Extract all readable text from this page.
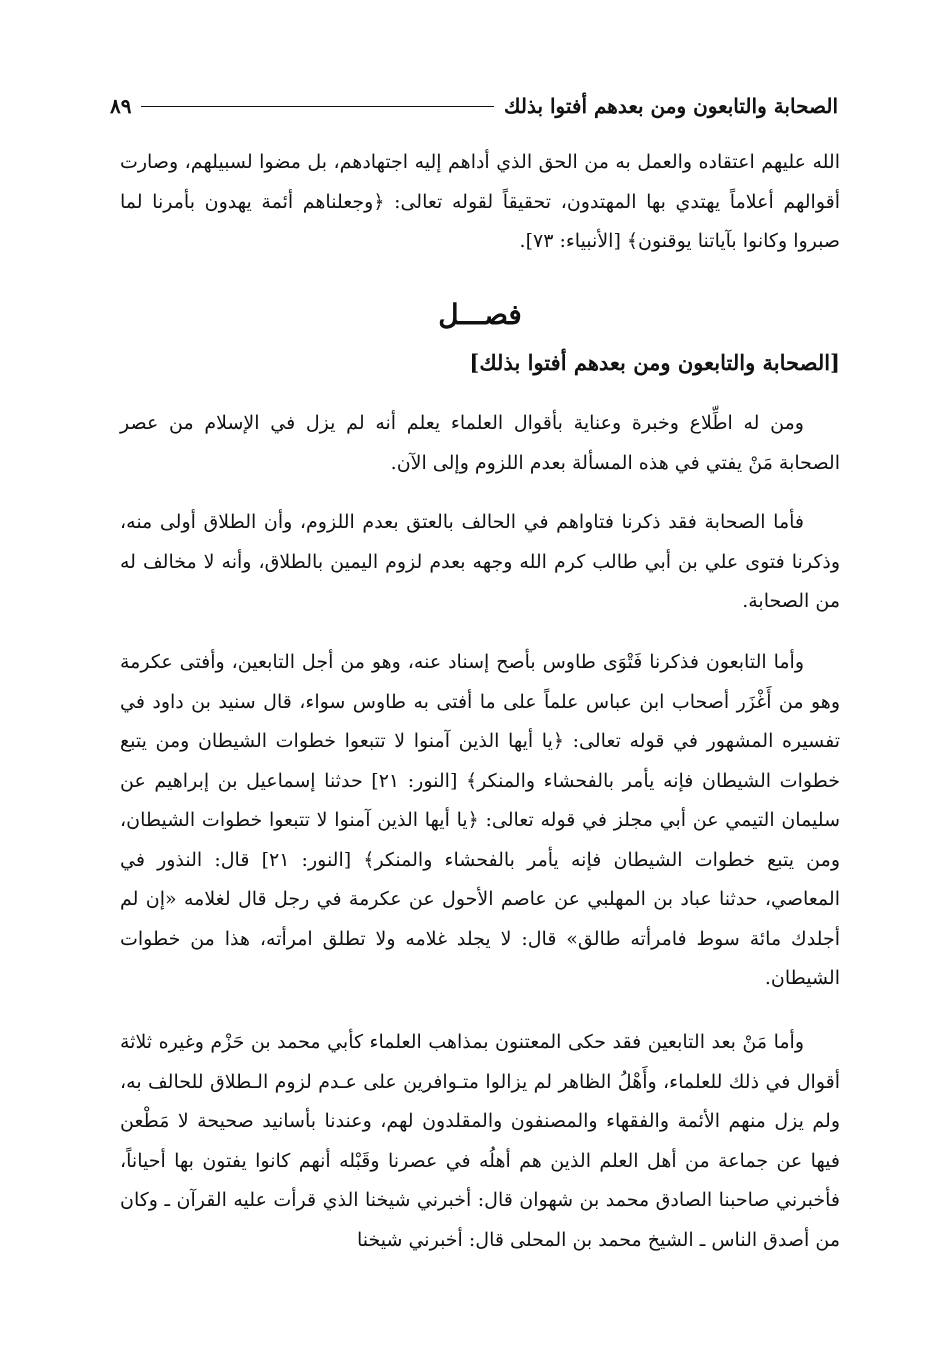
الصحابة والتابعون ومن بعدهم أفتوا بذلك
٨٩

الله عليهم اعتقاده والعمل به من الحق الذي أداهم إليه اجتهادهم، بل مضوا لسبيلهم، وصارت أقوالهم أعلاماً يهتدي بها المهتدون، تحقيقاً لقوله تعالى: ﴿وجعلناهم أئمة يهدون بأمرنا لما صبروا وكانوا بآياتنا يوقنون﴾ [الأنبياء: ٧٣].

فصـــل
[الصحابة والتابعون ومن بعدهم أفتوا بذلك]

ومن له اطِّلاع وخبرة وعناية بأقوال العلماء يعلم أنه لم يزل في الإسلام من عصر الصحابة مَنْ يفتي في هذه المسألة بعدم اللزوم وإلى الآن.

فأما الصحابة فقد ذكرنا فتاواهم في الحالف بالعتق بعدم اللزوم، وأن الطلاق أولى منه، وذكرنا فتوى علي بن أبي طالب كرم الله وجهه بعدم لزوم اليمين بالطلاق، وأنه لا مخالف له من الصحابة.

وأما التابعون فذكرنا فَتْوَى طاوس بأصح إسناد عنه، وهو من أجل التابعين، وأفتى عكرمة وهو من أَغْزَر أصحاب ابن عباس علماً على ما أفتى به طاوس سواء، قال سنيد بن داود في تفسيره المشهور في قوله تعالى: ﴿يا أيها الذين آمنوا لا تتبعوا خطوات الشيطان ومن يتبع خطوات الشيطان فإنه يأمر بالفحشاء والمنكر﴾ [النور: ٢١] حدثنا إسماعيل بن إبراهيم عن سليمان التيمي عن أبي مجلز في قوله تعالى: ﴿يا أيها الذين آمنوا لا تتبعوا خطوات الشيطان، ومن يتبع خطوات الشيطان فإنه يأمر بالفحشاء والمنكر﴾ [النور: ٢١] قال: النذور في المعاصي، حدثنا عباد بن المهلبي عن عاصم الأحول عن عكرمة في رجل قال لغلامه «إن لم أجلدك مائة سوط فامرأته طالق» قال: لا يجلد غلامه ولا تطلق امرأته، هذا من خطوات الشيطان.

وأما مَنْ بعد التابعين فقد حكى المعتنون بمذاهب العلماء كأبي محمد بن حَزْم وغيره ثلاثة أقوال في ذلك للعلماء، وأَهْلُ الظاهر لم يزالوا متـوافرين على عـدم لزوم الـطلاق للحالف به، ولم يزل منهم الأئمة والفقهاء والمصنفون والمقلدون لهم، وعندنا بأسانيد صحيحة لا مَطْعن فيها عن جماعة من أهل العلم الذين هم أهلُه في عصرنا وقَبْله أنهم كانوا يفتون بها أحياناً، فأخبرني صاحبنا الصادق محمد بن شهوان قال: أخبرني شيخنا الذي قرأت عليه القرآن ـ وكان من أصدق الناس ـ الشيخ محمد بن المحلى قال: أخبرني شيخنا
